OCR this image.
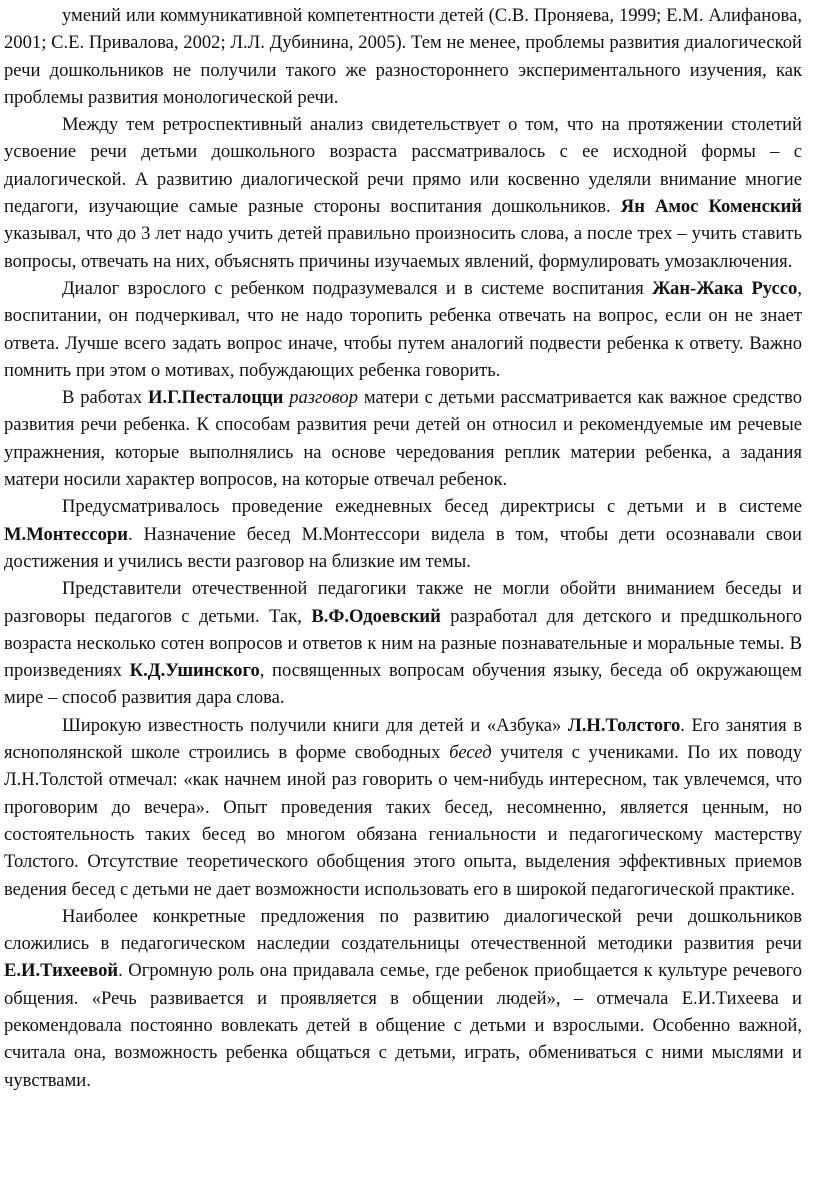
умений или коммуникативной компетентности детей (С.В. Проняева, 1999; Е.М. Алифанова, 2001; С.Е. Привалова, 2002; Л.Л. Дубинина, 2005). Тем не менее, проблемы развития диалогической речи дошкольников не получили такого же разностороннего экспериментального изучения, как проблемы развития монологической речи.

Между тем ретроспективный анализ свидетельствует о том, что на протяжении столетий усвоение речи детьми дошкольного возраста рассматривалось с ее исходной формы – с диалогической. А развитию диалогической речи прямо или косвенно уделяли внимание многие педагоги, изучающие самые разные стороны воспитания дошкольников. Ян Амос Коменский указывал, что до 3 лет надо учить детей правильно произносить слова, а после трех – учить ставить вопросы, отвечать на них, объяснять причины изучаемых явлений, формулировать умозаключения.

Диалог взрослого с ребенком подразумевался и в системе воспитания Жан-Жака Руссо, воспитании, он подчеркивал, что не надо торопить ребенка отвечать на вопрос, если он не знает ответа. Лучше всего задать вопрос иначе, чтобы путем аналогий подвести ребенка к ответу. Важно помнить при этом о мотивах, побуждающих ребенка говорить.

В работах И.Г.Песталоцци разговор матери с детьми рассматривается как важное средство развития речи ребенка. К способам развития речи детей он относил и рекомендуемые им речевые упражнения, которые выполнялись на основе чередования реплик материи ребенка, а задания матери носили характер вопросов, на которые отвечал ребенок.

Предусматривалось проведение ежедневных бесед директрисы с детьми и в системе М.Монтессори. Назначение бесед М.Монтессори видела в том, чтобы дети осознавали свои достижения и учились вести разговор на близкие им темы.

Представители отечественной педагогики также не могли обойти вниманием беседы и разговоры педагогов с детьми. Так, В.Ф.Одоевский разработал для детского и предшкольного возраста несколько сотен вопросов и ответов к ним на разные познавательные и моральные темы. В произведениях К.Д.Ушинского, посвященных вопросам обучения языку, беседа об окружающем мире – способ развития дара слова.

Широкую известность получили книги для детей и «Азбука» Л.Н.Толстого. Его занятия в яснополянской школе строились в форме свободных бесед учителя с учениками. По их поводу Л.Н.Толстой отмечал: «как начнем иной раз говорить о чем-нибудь интересном, так увлечемся, что проговорим до вечера». Опыт проведения таких бесед, несомненно, является ценным, но состоятельность таких бесед во многом обязана гениальности и педагогическому мастерству Толстого. Отсутствие теоретического обобщения этого опыта, выделения эффективных приемов ведения бесед с детьми не дает возможности использовать его в широкой педагогической практике.

Наиболее конкретные предложения по развитию диалогической речи дошкольников сложились в педагогическом наследии создательницы отечественной методики развития речи Е.И.Тихеевой. Огромную роль она придавала семье, где ребенок приобщается к культуре речевого общения. «Речь развивается и проявляется в общении людей», – отмечала Е.И.Тихеева и рекомендовала постоянно вовлекать детей в общение с детьми и взрослыми. Особенно важной, считала она, возможность ребенка общаться с детьми, играть, обмениваться с ними мыслями и чувствами.
